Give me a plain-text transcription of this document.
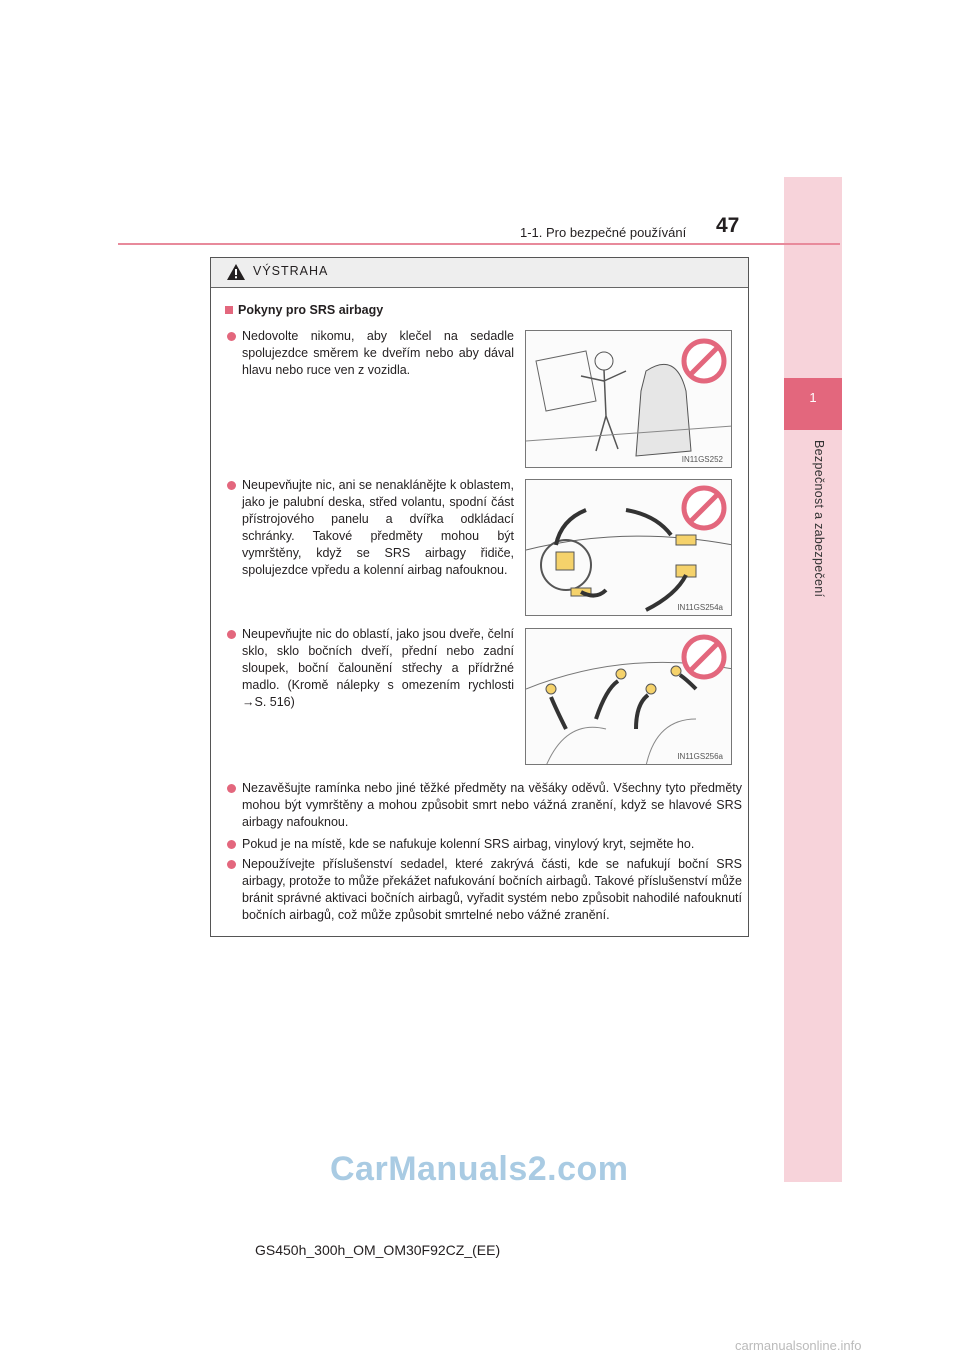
1
Bezpečnost a zabezpečení
1-1. Pro bezpečné používání 47
VÝSTRAHA
Pokyny pro SRS airbagy
Nedovolte nikomu, aby klečel na sedadle spolujezdce směrem ke dveřím nebo aby dával hlavu nebo ruce ven z vozidla.
IN11GS252
Neupevňujte nic, ani se nenaklánějte k oblastem, jako je palubní deska, střed volantu, spodní část přístrojového panelu a dvířka odkládací schránky. Takové předměty mohou být vymrštěny, když se SRS airbagy řidiče, spolujezdce vpředu a kolenní airbag nafouknou.
IN11GS254a
Neupevňujte nic do oblastí, jako jsou dveře, čelní sklo, sklo bočních dveří, přední nebo zadní sloupek, boční čalounění střechy a přídržné madlo. (Kromě nálepky s omezením rychlosti →S. 516)
IN11GS256a
Nezavěšujte ramínka nebo jiné těžké předměty na věšáky oděvů. Všechny tyto předměty mohou být vymrštěny a mohou způsobit smrt nebo vážná zranění, když se hlavové SRS airbagy nafouknou.
Pokud je na místě, kde se nafukuje kolenní SRS airbag, vinylový kryt, sejměte ho.
Nepoužívejte příslušenství sedadel, které zakrývá části, kde se nafukují boční SRS airbagy, protože to může překážet nafukování bočních airbagů. Takové příslušenství může bránit správné aktivaci bočních airbagů, vyřadit systém nebo způsobit nahodilé nafouknutí bočních airbagů, což může způsobit smrtelné nebo vážné zranění.
CarManuals2.com
GS450h_300h_OM_OM30F92CZ_(EE)
carmanualsonline.info
